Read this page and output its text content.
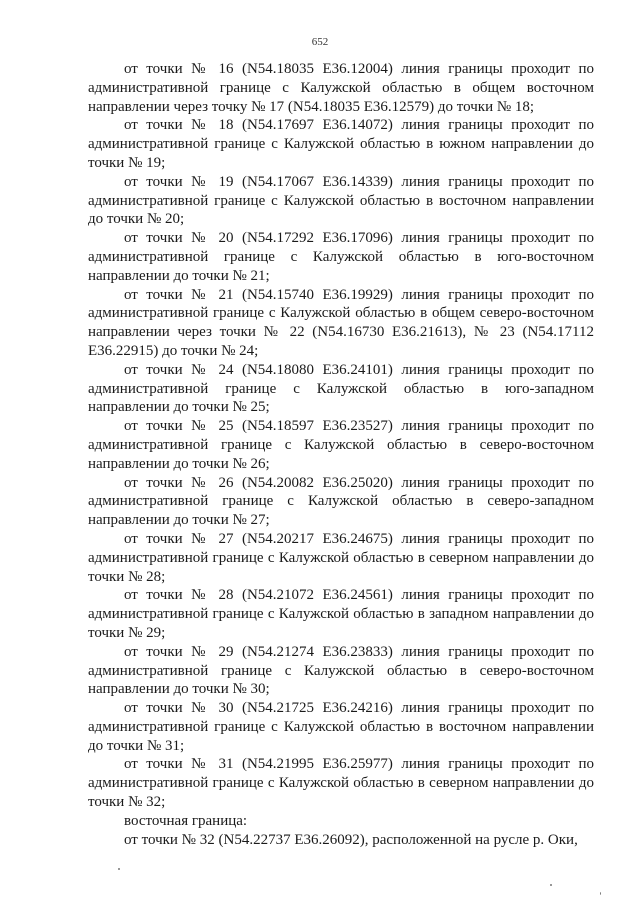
652

от точки № 16 (N54.18035 E36.12004) линия границы проходит по административной границе с Калужской областью в общем восточном направлении через точку № 17 (N54.18035 E36.12579) до точки № 18;

от точки № 18 (N54.17697 E36.14072) линия границы проходит по административной границе с Калужской областью в южном направлении до точки № 19;

от точки № 19 (N54.17067 E36.14339) линия границы проходит по административной границе с Калужской областью в восточном направлении до точки № 20;

от точки № 20 (N54.17292 E36.17096) линия границы проходит по административной границе с Калужской областью в юго-восточном направлении до точки № 21;

от точки № 21 (N54.15740 E36.19929) линия границы проходит по административной границе с Калужской областью в общем северо-восточном направлении через точки № 22 (N54.16730 E36.21613), № 23 (N54.17112 E36.22915) до точки № 24;

от точки № 24 (N54.18080 E36.24101) линия границы проходит по административной границе с Калужской областью в юго-западном направлении до точки № 25;

от точки № 25 (N54.18597 E36.23527) линия границы проходит по административной границе с Калужской областью в северо-восточном направлении до точки № 26;

от точки № 26 (N54.20082 E36.25020) линия границы проходит по административной границе с Калужской областью в северо-западном направлении до точки № 27;

от точки № 27 (N54.20217 E36.24675) линия границы проходит по административной границе с Калужской областью в северном направлении до точки № 28;

от точки № 28 (N54.21072 E36.24561) линия границы проходит по административной границе с Калужской областью в западном направлении до точки № 29;

от точки № 29 (N54.21274 E36.23833) линия границы проходит по административной границе с Калужской областью в северо-восточном направлении до точки № 30;

от точки № 30 (N54.21725 E36.24216) линия границы проходит по административной границе с Калужской областью в восточном направлении до точки № 31;

от точки № 31 (N54.21995 E36.25977) линия границы проходит по административной границе с Калужской областью в северном направлении до точки № 32;

восточная граница:

от точки № 32 (N54.22737 E36.26092), расположенной на русле р. Оки,
